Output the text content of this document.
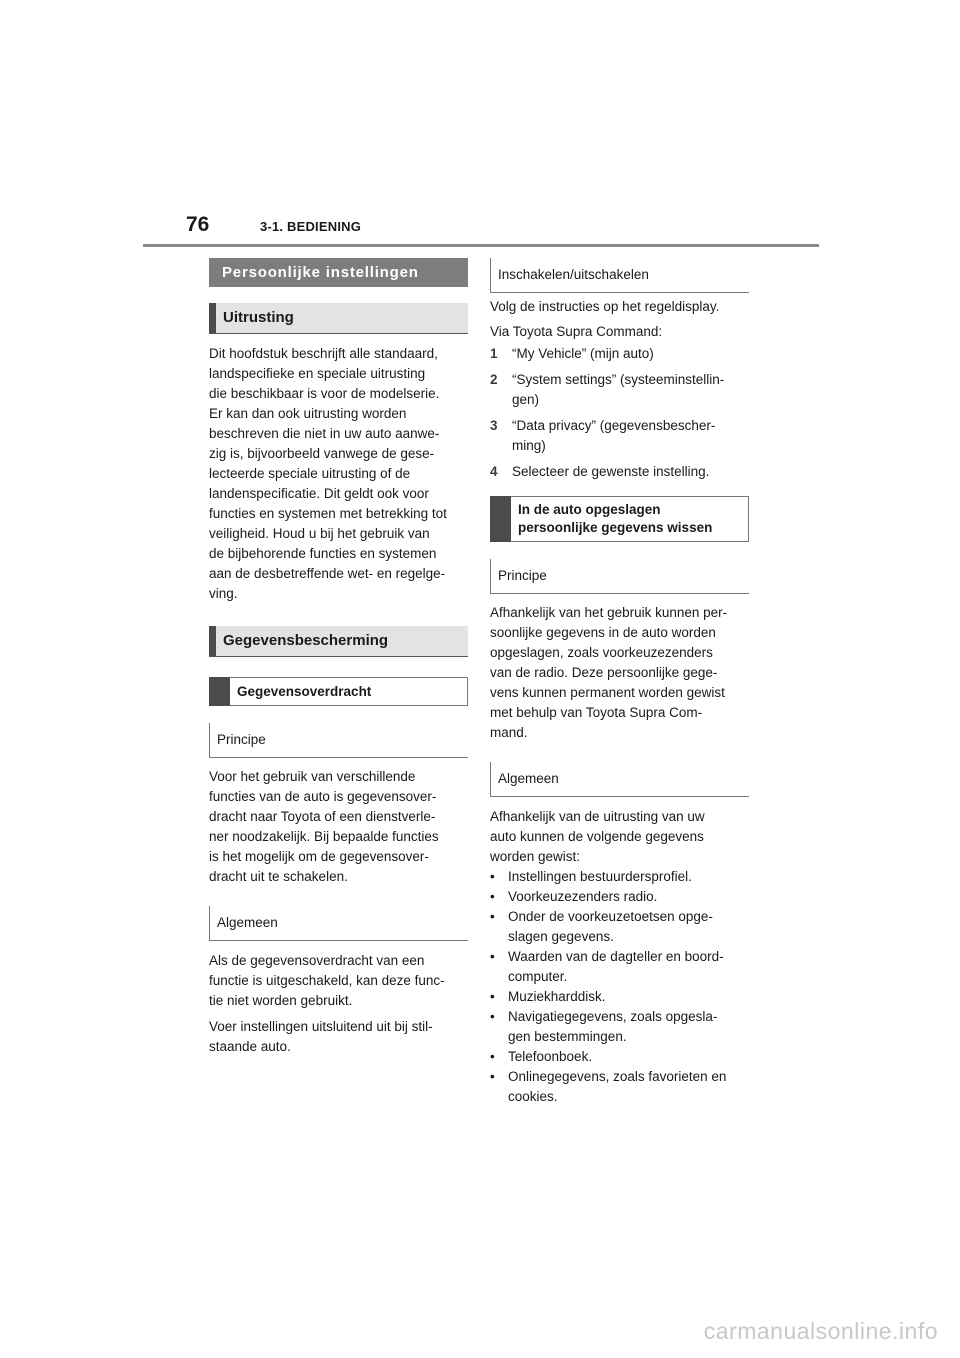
76	3-1. BEDIENING
Persoonlijke instellingen
Uitrusting

Dit hoofdstuk beschrijft alle standaard,
landspecifieke en speciale uitrusting
die beschikbaar is voor de modelserie.
Er kan dan ook uitrusting worden
beschreven die niet in uw auto aanwe-
zig is, bijvoorbeeld vanwege de gese-
lecteerde speciale uitrusting of de
landenspecificatie. Dit geldt ook voor
functies en systemen met betrekking tot
veiligheid. Houd u bij het gebruik van
de bijbehorende functies en systemen
aan de desbetreffende wet- en regelge-
ving.

Gegevensbescherming
Gegevensoverdracht
Principe

Voor het gebruik van verschillende
functies van de auto is gegevensover-
dracht naar Toyota of een dienstverle-
ner noodzakelijk. Bij bepaalde functies
is het mogelijk om de gegevensover-
dracht uit te schakelen.

Algemeen

Als de gegevensoverdracht van een
functie is uitgeschakeld, kan deze func-
tie niet worden gebruikt.

Voer instellingen uitsluitend uit bij stil-
staande auto.

Inschakelen/uitschakelen

Volg de instructies op het regeldisplay.

Via Toyota Supra Command:

1	“My Vehicle” (mijn auto)
2	“System settings” (systeeminstellin-
gen)
3	“Data privacy” (gegevensbescher-
ming)
4	Selecteer de gewenste instelling.
In de auto opgeslagen
persoonlijke gegevens wissen
Principe

Afhankelijk van het gebruik kunnen per-
soonlijke gegevens in de auto worden
opgeslagen, zoals voorkeuzezenders
van de radio. Deze persoonlijke gege-
vens kunnen permanent worden gewist
met behulp van Toyota Supra Com-
mand.

Algemeen

Afhankelijk van de uitrusting van uw
auto kunnen de volgende gegevens
worden gewist:

• Instellingen bestuurdersprofiel.
• Voorkeuzezenders radio.
• Onder de voorkeuzetoetsen opge-
slagen gegevens.
• Waarden van de dagteller en boord-
computer.
• Muziekharddisk.
• Navigatiegegevens, zoals opgesla-
gen bestemmingen.
• Telefoonboek.
• Onlinegegevens, zoals favorieten en
cookies.
carmanualsonline.info
